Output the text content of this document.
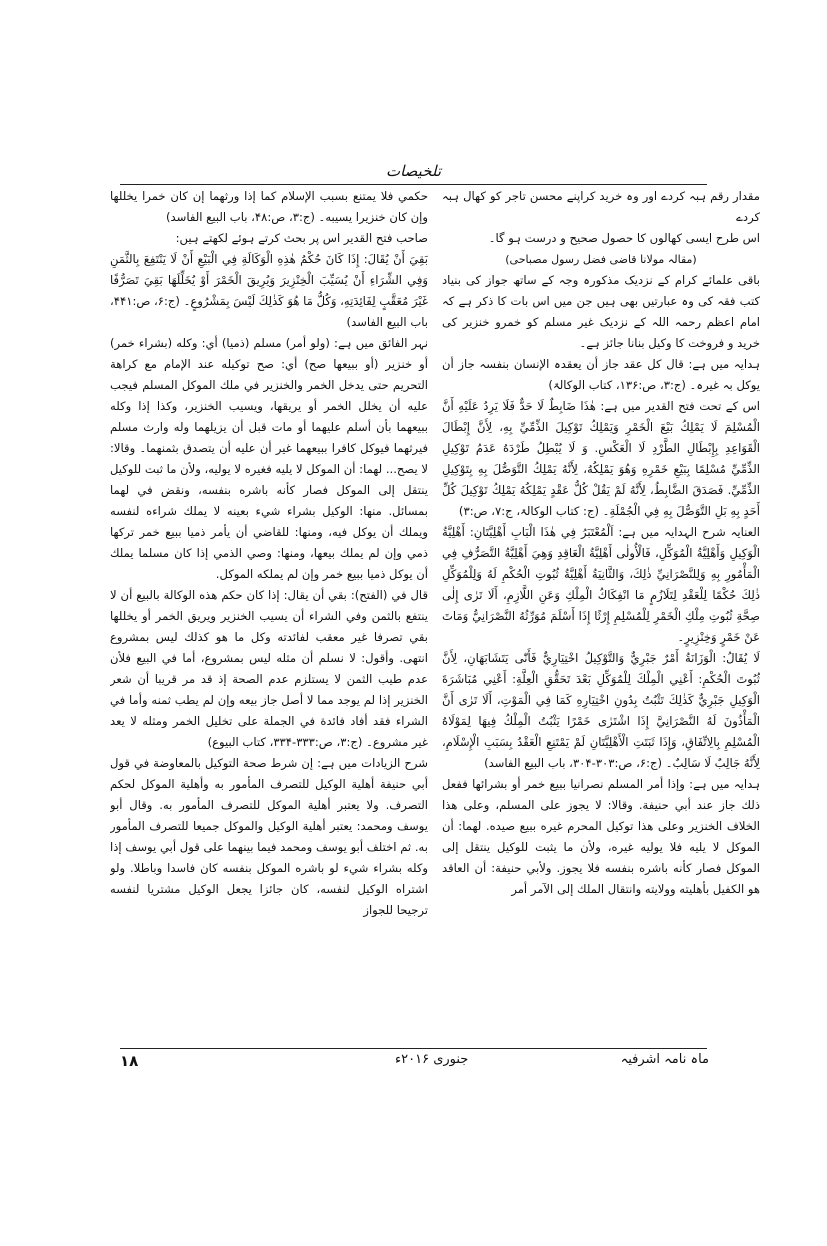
تلخیصات

مقدار رقم ہبہ کردے اور وہ خرید کراپنے محسن تاجر کو کھال ہبہ کردے

اس طرح ایسی کھالوں کا حصول صحیح و درست ہو گا۔

(مقالہ مولانا قاضی فضل رسول مصباحی)

باقی علمائے کرام کے نزدیک مذکورہ وجہ کے ساتھ جواز کی بنیاد کتب فقہ کی وہ عبارتیں بھی ہیں جن میں اس بات کا ذکر ہے کہ امام اعظم رحمہ اللہ کے نزدیک غیر مسلم کو خمرو خنزیر کی خرید و فروخت کا وکیل بنانا جائز ہے۔

ہدایہ میں ہے: قال کل عقد جاز أن یعقدہ الإنسان بنفسہ جاز أن یوکل بہ غیرہ۔ (ج:۳، ص:۱۳۶، کتاب الوکالۃ)

اس کے تحت فتح القدیر میں ہے: هٰذَا ضَابِطٌ لَا حَدٌّ فَلَا یَرِدُ عَلَیْهِ أَنَّ الْمُسْلِمَ لَا یَمْلِكُ بَیْعَ الْخَمْرِ وَیَمْلِكُ تَوْکِیلَ الذِّمِّيِّ بِهِ، لِأَنَّ إِبْطَالَ الْقَوَاعِدِ بِإِبْطَالِ الطَّرْدِ لَا الْعَکْسِ. وَ لَا یُبْطِلُ طَرْدَهُ عَدَمُ تَوْکِیلِ الذِّمِّيِّ مُسْلِمًا بِبَیْعِ خَمْرِهِ وَهُوَ یَمْلِکُهُ، لِأَنَّهُ یَمْلِكُ التَّوَصُّلَ بِهِ بِتَوْکِیلِ الذِّمِّيِّ. فَصَدَقَ الضَّابِطُ، لِأَنَّهُ لَمْ یَقُلْ کُلُّ عَقْدٍ یَمْلِکُهُ یَمْلِكُ تَوْکِیلَ کُلِّ أَحَدٍ بِهِ بَلِ التَّوَصُّلَ بِهِ فِي الْجُمْلَةِ۔ (ج: کتاب الوکالۃ، ج:۷، ص:۳)

العنایہ شرح الہدایہ میں ہے: اَلْمُعْتَبَرُ فِي هٰذَا الْبَابِ أَهْلِیَّتَانِ: أَهْلِیَّةُ الْوَکِیلِ وَأَهْلِیَّةُ الْمُوَکِّلِ، فَالْأُولٰی أَهْلِیَّةُ الْعَاقِدِ وَهِيَ أَهْلِیَّةُ التَّصَرُّفِ فِي الْمَأْمُورِ بِهِ وَلِلنَّصْرَانِيِّ ذٰلِكَ، وَالثَّانِیَةُ أَهْلِیَّةُ ثُبُوتِ الْحُکْمِ لَهُ وَلِلْمُوَکِّلِ ذٰلِكَ حُکْمًا لِلْعَقْدِ لِتَلَازُمٍ مَا انْفِکَاكُ الْمِلْكِ وَعَنِ اللَّازِمِ، أَلَا تَرٰی إِلٰی صِحَّةِ ثُبُوتِ مِلْكِ الْخَمْرِ لِلْمُسْلِمِ إِرْثًا إِذَا أَسْلَمَ مُوَرِّثُهُ النَّصْرَانِيُّ وَمَاتَ عَنْ خَمْرٍ وَخِنْزِیرٍ۔

لَا یُقَالُ: الْوَزَانَةُ أَمْرٌ جَبْرِيٌّ وَالتَّوْکِیلُ اخْتِیَارِيٌّ فَأَنّٰی یَتَشَابَهَانِ، لِأَنَّ ثُبُوتَ الْحُکْمِ: أَعْنِي الْمِلْكَ لِلْمُوَکِّلِ بَعْدَ تَحَقُّقِ الْعِلَّةِ: أَعْنِي مُبَاشَرَةَ الْوَکِیلِ جَبْرِيٌّ کَذٰلِكَ تَثْبُتُ بِدُونِ اخْتِیَارِهِ کَمَا فِي الْمَوْتِ، أَلَا تَرٰی أَنَّ الْمَأْذُونَ لَهُ النَّصْرَانِيَّ إِذَا اشْتَرٰی خَمْرًا یَثْبُتُ الْمِلْكُ فِیهَا لِمَوْلَاهُ الْمُسْلِمِ بِالِاتِّفَاقِ، وَإِذَا ثَبَتَتِ الْأَهْلِیَّتَانِ لَمْ یَمْتَنِعِ الْعَقْدُ بِسَبَبِ الْإِسْلَامِ، لِأَنَّهُ جَالِبٌ لَا سَالِبٌ۔ (ج:۶، ص:۳۰۳-۳۰۴، باب البیع الفاسد)

ہدایہ میں ہے: وإذا أمر المسلم نصرانیا ببیع خمر أو بشرائها ففعل ذلك جاز عند أبي حنیفة. وقالا: لا یجوز على المسلم، وعلى هذا الخلاف الخنزیر وعلى هذا توکیل المحرم غیره ببیع صیده. لهما: أن الموکل لا یلیه فلا یولیه غیره، ولأن ما یثبت للوکیل ینتقل إلى الموکل فصار کأنه باشره بنفسه فلا یجوز. ولأبي حنیفة: أن العاقد هو الکفیل بأهلیته وولایته وانتقال الملك إلى الآمر أمر

حکمي فلا یمتنع بسبب الإسلام کما إذا ورثهما إن کان خمرا یخللها وإن کان خنزیرا یسیبه۔ (ج:۳، ص:۴۸، باب البیع الفاسد)

صاحب فتح القدیر اس پر بحث کرتے ہوئے لکھتے ہیں:

بَقِيَ أَنْ یُقَالَ: إِذَا کَانَ حُکْمُ هٰذِهِ الْوَکَالَةِ فِي الْبَیْعِ أَنْ لَا یَنْتَفِعَ بِالثَّمَنِ وَفِي الشِّرَاءِ أَنْ یُسَیِّبَ الْخِنْزِیرَ وَیُرِیقَ الْخَمْرَ أَوْ یُخَلِّلَهَا بَقِيَ تَصَرُّفًا غَیْرَ مُعَقَّبٍ لِفَائِدَتِهِ، وَکُلُّ مَا هُوَ کَذٰلِكَ لَیْسَ بِمَشْرُوعٍ۔ (ج:۶، ص:۴۴۱، باب البیع الفاسد)

نہر الفائق میں ہے: (ولو أمر) مسلم (ذمیا) أي: وکله (بشراء خمر) أو خنزیر (أو ببیعها صح) أي: صح توکیله عند الإمام مع کراهة التحریم حتی یدخل الخمر والخنزیر في ملك الموکل المسلم فیجب علیه أن یخلل الخمر أو یریقها، ویسیب الخنزیر، وکذا إذا وکله ببیعهما بأن أسلم علیهما أو مات قبل أن یزیلهما وله وارث مسلم فیرثهما فیوکل کافرا ببیعهما غیر أن علیه أن یتصدق بثمنهما۔ وقالا: لا یصح... لهما: أن الموکل لا یلیه فغیره لا یولیه، ولأن ما ثبت للوکیل ینتقل إلى الموکل فصار کأنه باشره بنفسه، ونقض في لهما بمسائل. منها: الوکیل بشراء شيء بعینه لا یملك شراءه لنفسه ویملك أن یوکل فیه، ومنها: للقاضي أن یأمر ذمیا ببیع خمر ترکها ذمي وإن لم یملك بیعها، ومنها: وصي الذمي إذا کان مسلما یملك أن یوکل ذمیا ببیع خمر وإن لم یملکه الموکل.

قال في (الفتح): بقي أن یقال: إذا کان حکم هذه الوکالة بالبیع أن لا ینتفع بالثمن وفي الشراء أن یسیب الخنزیر ویریق الخمر أو یخللها بقي تصرفا غیر معقب لفائدته وکل ما هو کذلك لیس بمشروع انتهى. وأقول: لا نسلم أن مثله لیس بمشروع، أما في البیع فلأن عدم طیب الثمن لا یستلزم عدم الصحة إذ قد مر قریبا أن شعر الخنزیر إذا لم یوجد مما لا أصل جاز بیعه وإن لم یطب ثمنه وأما في الشراء فقد أفاد فائدة في الجملة على تخلیل الخمر ومثله لا یعد غیر مشروع۔ (ج:۳، ص:۳۳۳-۳۳۴، کتاب البیوع)

شرح الزیادات میں ہے: إن شرط صحة التوکیل بالمعاوضة في قول أبي حنیفة أهلیة الوکیل للتصرف المأمور به وأهلیة الموکل لحکم التصرف. ولا یعتبر أهلیة الموکل للتصرف المأمور به. وقال أبو یوسف ومحمد: یعتبر أهلیة الوکیل والموکل جمیعا للتصرف المأمور به. ثم اختلف أبو یوسف ومحمد فیما بینهما على قول أبي یوسف إذا وکله بشراء شيء لو باشره الموکل بنفسه کان فاسدا وباطلا. ولو اشتراه الوکیل لنفسه، کان جائزا یجعل الوکیل مشتریا لنفسه ترجیحا للجواز

ماہ نامہ اشرفیہ
جنوری ۲۰۱۶ء
۱۸
